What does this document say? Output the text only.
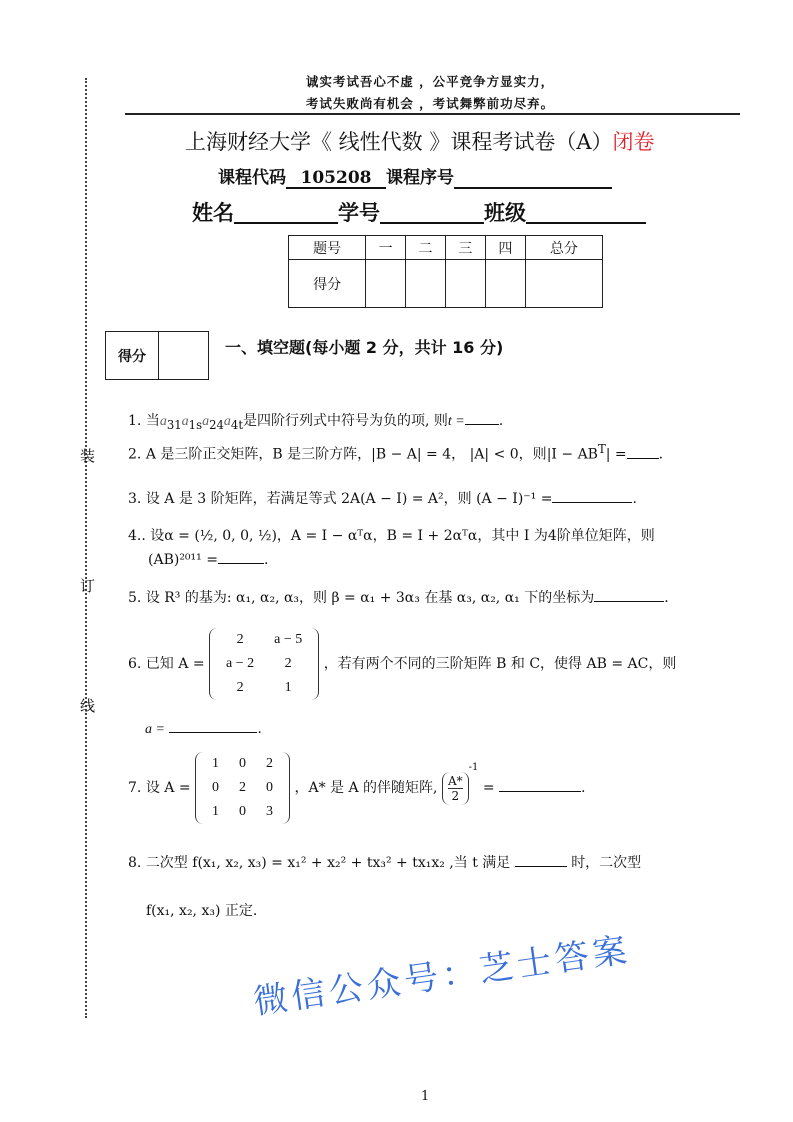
装
订
线
诚实考试吾心不虚 ，公平竞争方显实力，
考试失败尚有机会 ，考试舞弊前功尽弃。
上海财经大学《 线性代数 》课程考试卷（A）闭卷
课程代码 105208 课程序号
姓名	学号	班级
题号	一	二	三	四	总分
得分					
得分		一、填空题(每小题 2 分，共计 16 分)
1. 当$a_{31}a_{1s}a_{24}a_{4t}$是四阶行列式中符号为负的项, 则t = .
2. A 是三阶正交矩阵，B 是三阶方阵，|B − A| = 4， |A| < 0，则$|I - AB^T|$ = .
3. 设 A 是 3 阶矩阵，若满足等式 2A(A − I) = A²，则 (A − I)⁻¹ =	.
4.. 设α = (½, 0, 0, ½)，A = I − αᵀα，B = I + 2αᵀα，其中 I 为4阶单位矩阵，则
(AB)²⁰¹¹ =	.
5. 设 R³ 的基为: α₁, α₂, α₃，则 β = α₁ + 3α₃ 在基 α₃, α₂, α₁ 下的坐标为	.
6. 已知 A =
2	a − 5
a − 2	2
2	1
，若有两个不同的三阶矩阵 B 和 C，使得 AB = AC，则
a =	.
7. 设 A =
1	0	2
0	2	0
1	0	3
，A* 是 A 的伴随矩阵, $\frac{A*}{2}$
$^{-1}$ =	.
8. 二次型 f(x₁, x₂, x₃) = x₁² + x₂² + tx₃² + tx₁x₂ ,当 t 满足	时，二次型
f(x₁, x₂, x₃) 正定.
微信公众号：芝士答案
1
